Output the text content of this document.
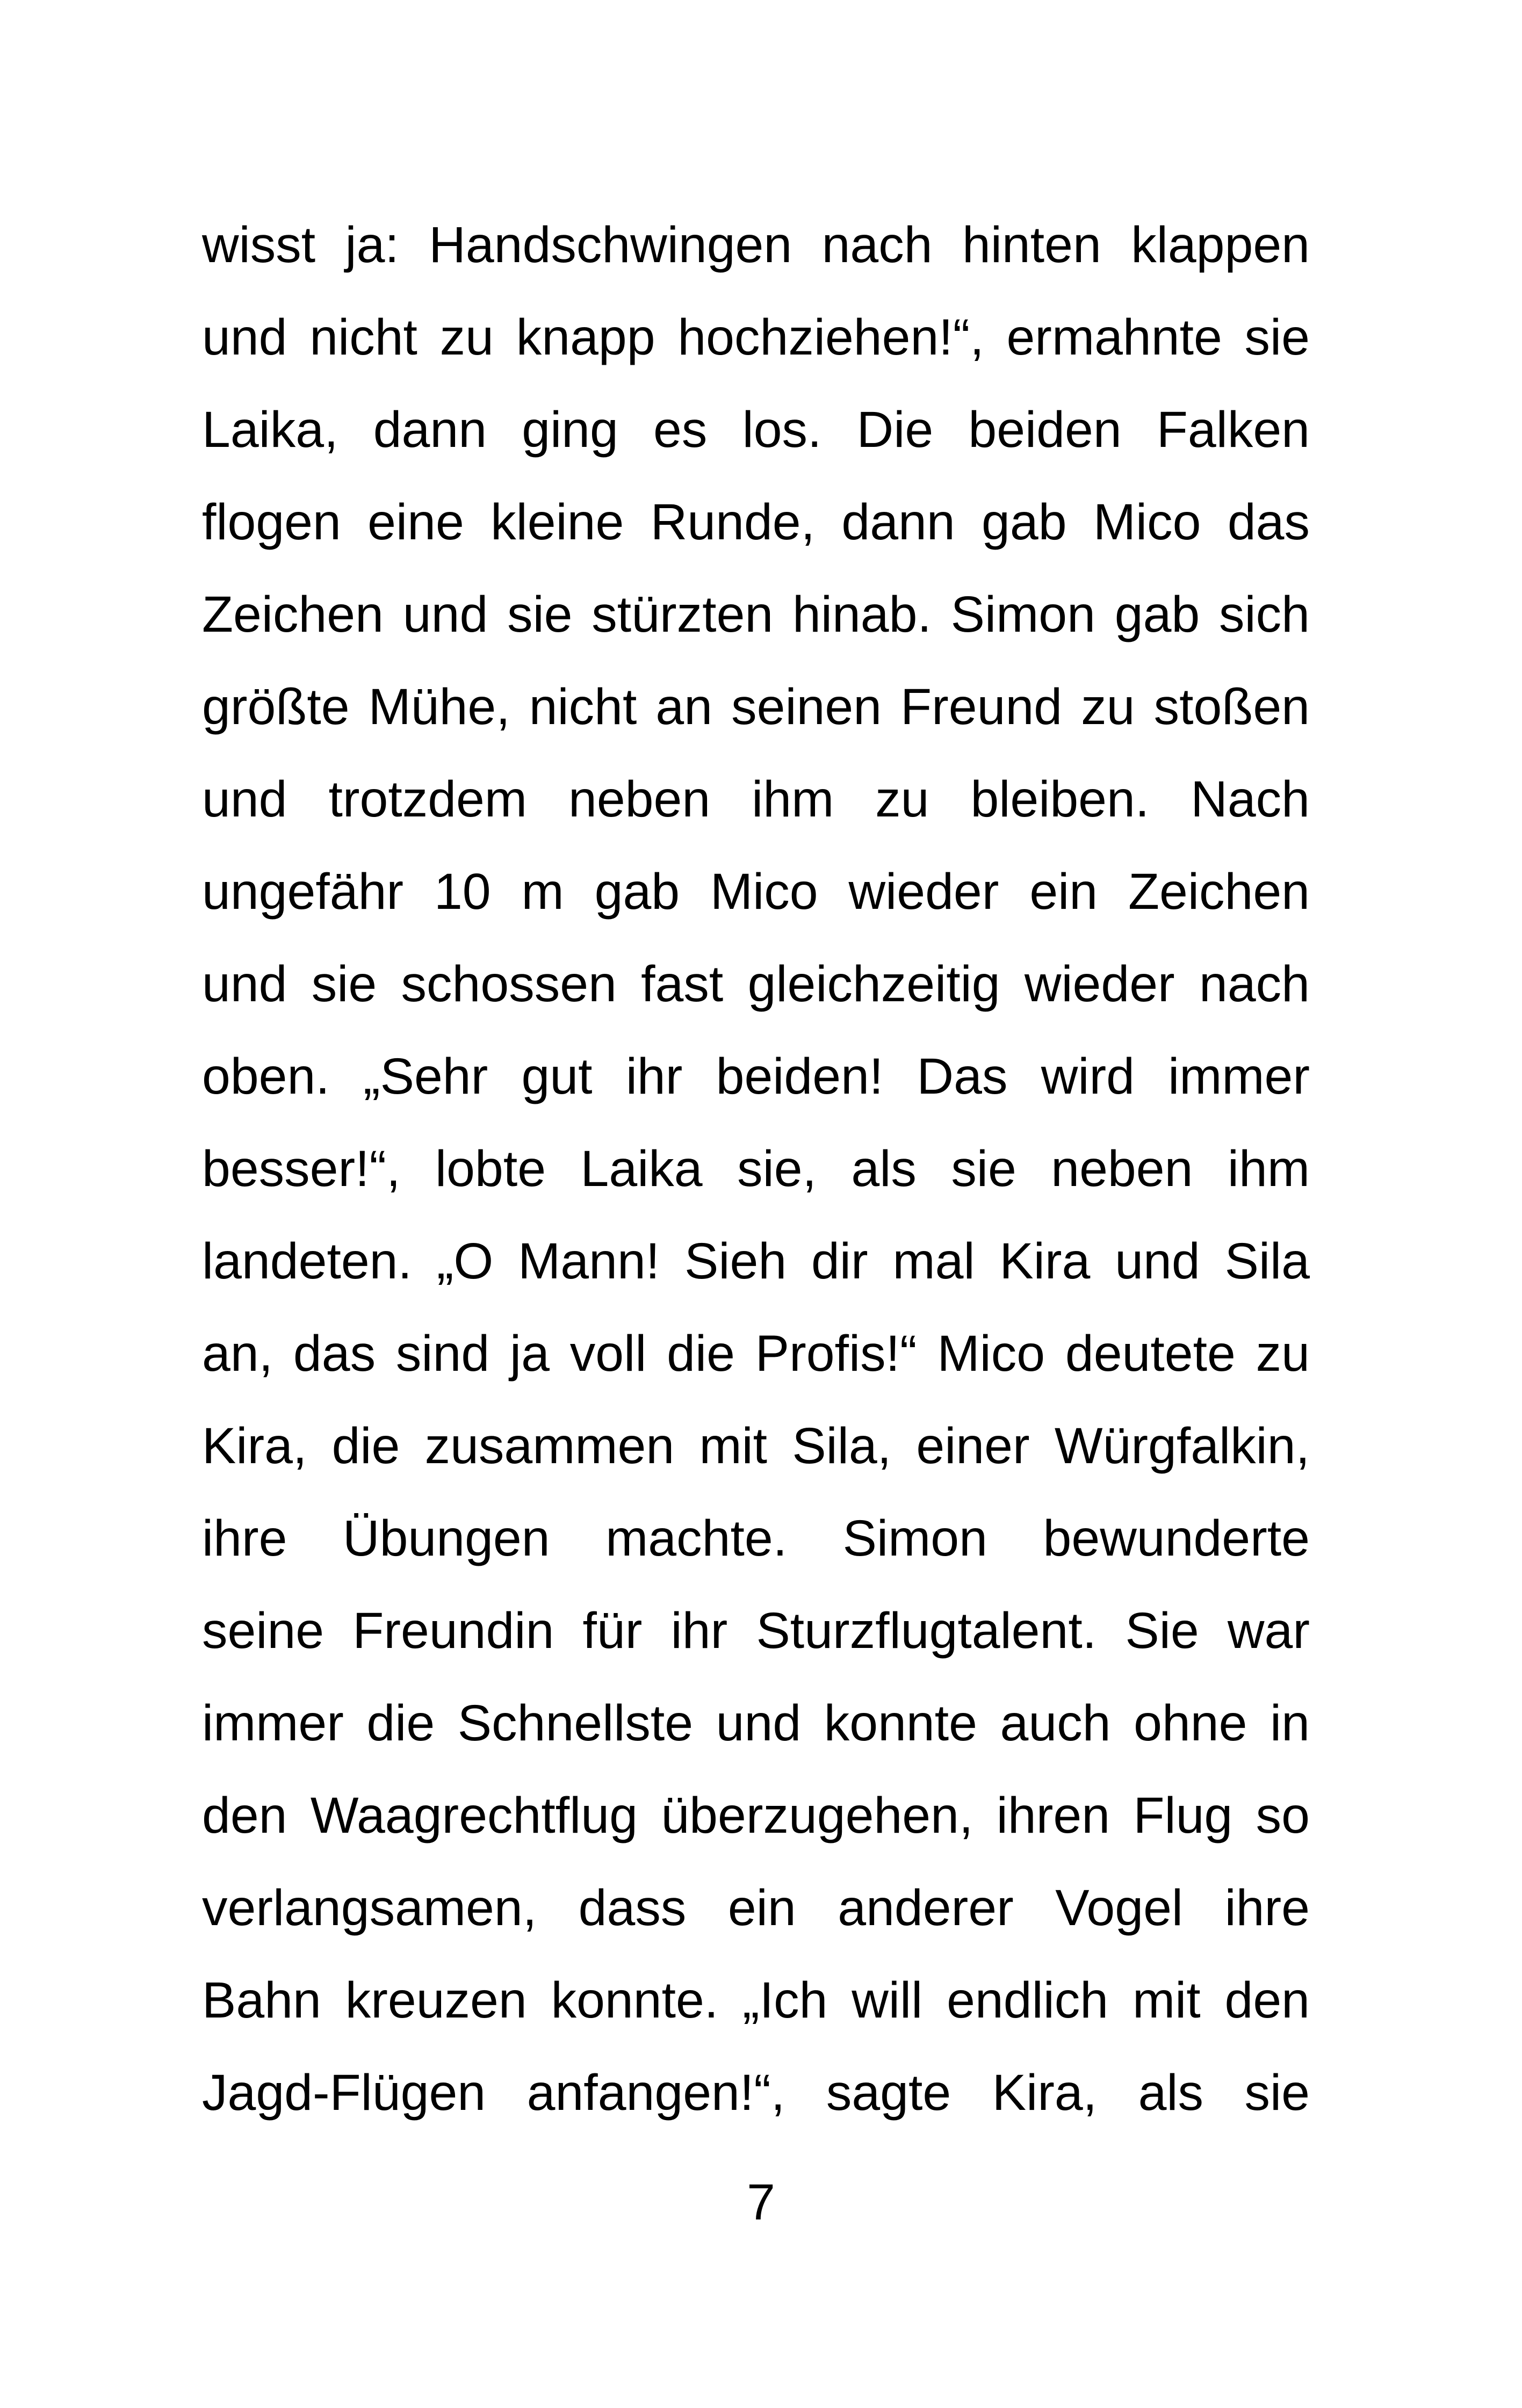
wisst ja: Handschwingen nach hinten klappen
und nicht zu knapp hochziehen!“, ermahnte sie
Laika, dann ging es los. Die beiden Falken
flogen eine kleine Runde, dann gab Mico das
Zeichen und sie stürzten hinab. Simon gab sich
größte Mühe, nicht an seinen Freund zu stoßen
und trotzdem neben ihm zu bleiben. Nach
ungefähr 10 m gab Mico wieder ein Zeichen
und sie schossen fast gleichzeitig wieder nach
oben. „Sehr gut ihr beiden! Das wird immer
besser!“, lobte Laika sie, als sie neben ihm
landeten. „O Mann! Sieh dir mal Kira und Sila
an, das sind ja voll die Profis!“ Mico deutete zu
Kira, die zusammen mit Sila, einer Würgfalkin,
ihre Übungen machte. Simon bewunderte
seine Freundin für ihr Sturzflugtalent. Sie war
immer die Schnellste und konnte auch ohne in
den Waagrechtflug überzugehen, ihren Flug so
verlangsamen, dass ein anderer Vogel ihre
Bahn kreuzen konnte. „Ich will endlich mit den
Jagd-Flügen anfangen!“, sagte Kira, als sie
7
